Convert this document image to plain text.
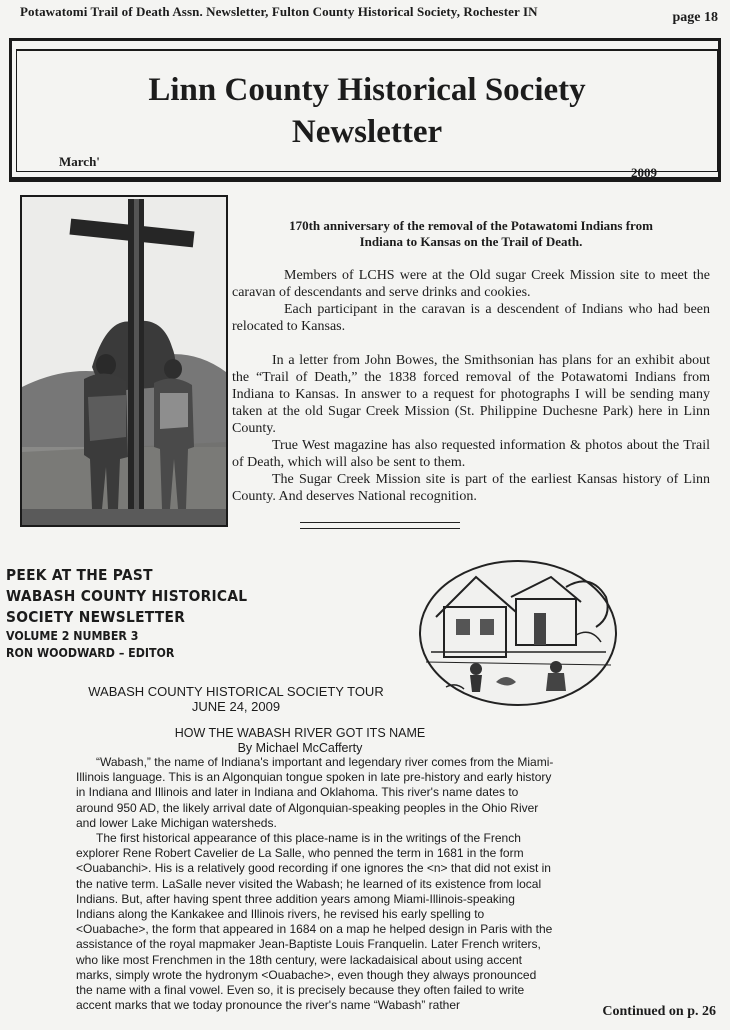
Potawatomi Trail of Death Assn. Newsletter, Fulton County Historical Society, Rochester IN	page 18
Linn County Historical Society
Newsletter
March'
2009
170th anniversary of the removal of the Potawatomi Indians from
Indiana to Kansas on the Trail of Death.

Members of LCHS were at the Old sugar Creek Mission site to meet the caravan of descendants and serve drinks and cookies.

Each participant in the caravan is a descendent of Indians who had been relocated to Kansas.

In a letter from John Bowes, the Smithsonian has plans for an exhibit about the “Trail of Death,” the 1838 forced removal of the Potawatomi Indians from Indiana to Kansas. In answer to a request for photographs I will be sending many taken at the old Sugar Creek Mission (St. Philippine Duchesne Park) here in Linn County.

True West magazine has also requested information & photos about the Trail of Death, which will also be sent to them.

The Sugar Creek Mission site is part of the earliest Kansas history of Linn County. And deserves National recognition.

PEEK AT THE PAST
WABASH COUNTY HISTORICAL
SOCIETY NEWSLETTER
VOLUME 2 NUMBER 3
RON WOODWARD – EDITOR
WABASH COUNTY HISTORICAL SOCIETY TOUR
JUNE 24, 2009
HOW THE WABASH RIVER GOT ITS NAME
By Michael McCafferty

“Wabash,” the name of Indiana's important and legendary river comes from the Miami-Illinois language. This is an Algonquian tongue spoken in late pre-history and early history in Indiana and Illinois and later in Indiana and Oklahoma. This river's name dates to around 950 AD, the likely arrival date of Algonquian-speaking peoples in the Ohio River and lower Lake Michigan watersheds.

The first historical appearance of this place-name is in the writings of the French explorer Rene Robert Cavelier de La Salle, who penned the term in 1681 in the form <Ouabanchi>. His is a relatively good recording if one ignores the <n> that did not exist in the native term. LaSalle never visited the Wabash; he learned of its existence from local Indians. But, after having spent three addition years among Miami-Illinois-speaking Indians along the Kankakee and Illinois rivers, he revised his early spelling to <Ouabache>, the form that appeared in 1684 on a map he helped design in Paris with the assistance of the royal mapmaker Jean-Baptiste Louis Franquelin. Later French writers, who like most Frenchmen in the 18th century, were lackadaisical about using accent marks, simply wrote the hydronym <Ouabache>, even though they always pronounced the name with a final vowel. Even so, it is precisely because they often failed to write accent marks that we today pronounce the river's name “Wabash” rather	Continued on p. 26
